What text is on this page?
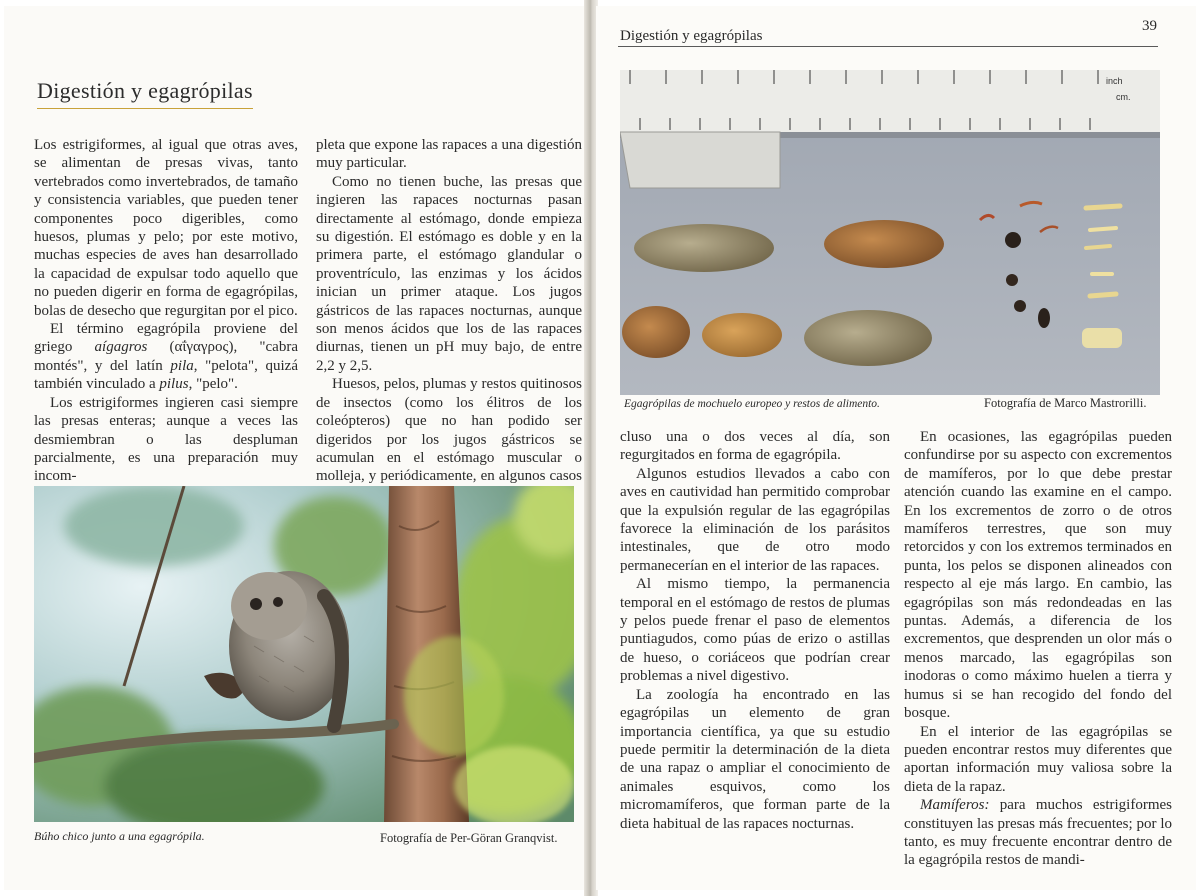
Digestión y egagrópilas

Los estrigiformes, al igual que otras aves, se alimentan de presas vivas, tanto vertebrados como invertebrados, de tamaño y consistencia variables, que pueden tener componentes poco digeribles, como huesos, plumas y pelo; por este motivo, muchas especies de aves han desarrollado la capacidad de expulsar todo aquello que no pueden digerir en forma de egagrópilas, bolas de desecho que regurgitan por el pico.

El término egagrópila proviene del griego aígagros (αΐγαγρος), "cabra montés", y del latín pila, "pelota", quizá también vinculado a pilus, "pelo".

Los estrigiformes ingieren casi siempre las presas enteras; aunque a veces las desmiembran o las despluman parcialmente, es una preparación muy incom-

pleta que expone las rapaces a una digestión muy particular.

Como no tienen buche, las presas que ingieren las rapaces nocturnas pasan directamente al estómago, donde empieza su digestión. El estómago es doble y en la primera parte, el estómago glandular o proventrículo, las enzimas y los ácidos inician un primer ataque. Los jugos gástricos de las rapaces nocturnas, aunque son menos ácidos que los de las rapaces diurnas, tienen un pH muy bajo, de entre 2,2 y 2,5.

Huesos, pelos, plumas y restos quitinosos de insectos (como los élitros de los coleópteros) que no han podido ser digeridos por los jugos gástricos se acumulan en el estómago muscular o molleja, y periódicamente, en algunos casos

Búho chico junto a una egagrópila.	Fotografía de Per-Göran Granqvist.
Digestión y egagrópilas
39
inch
cm.
Egagrópilas de mochuelo europeo y restos de alimento.	Fotografía de Marco Mastrorilli.

cluso una o dos veces al día, son regurgitados en forma de egagrópila.

Algunos estudios llevados a cabo con aves en cautividad han permitido comprobar que la expulsión regular de las egagrópilas favorece la eliminación de los parásitos intestinales, que de otro modo permanecerían en el interior de las rapaces.

Al mismo tiempo, la permanencia temporal en el estómago de restos de plumas y pelos puede frenar el paso de elementos puntiagudos, como púas de erizo o astillas de hueso, o coriáceos que podrían crear problemas a nivel digestivo.

La zoología ha encontrado en las egagrópilas un elemento de gran importancia científica, ya que su estudio puede permitir la determinación de la dieta de una rapaz o ampliar el conocimiento de animales esquivos, como los micromamíferos, que forman parte de la dieta habitual de las rapaces nocturnas.

En ocasiones, las egagrópilas pueden confundirse por su aspecto con excrementos de mamíferos, por lo que debe prestar atención cuando las examine en el campo. En los excrementos de zorro o de otros mamíferos terrestres, que son muy retorcidos y con los extremos terminados en punta, los pelos se disponen alineados con respecto al eje más largo. En cambio, las egagrópilas son más redondeadas en las puntas. Además, a diferencia de los excrementos, que desprenden un olor más o menos marcado, las egagrópilas son inodoras o como máximo huelen a tierra y humus si se han recogido del fondo del bosque.

En el interior de las egagrópilas se pueden encontrar restos muy diferentes que aportan información muy valiosa sobre la dieta de la rapaz.

Mamíferos: para muchos estrigiformes constituyen las presas más frecuentes; por lo tanto, es muy frecuente encontrar dentro de la egagrópila restos de mandi-
